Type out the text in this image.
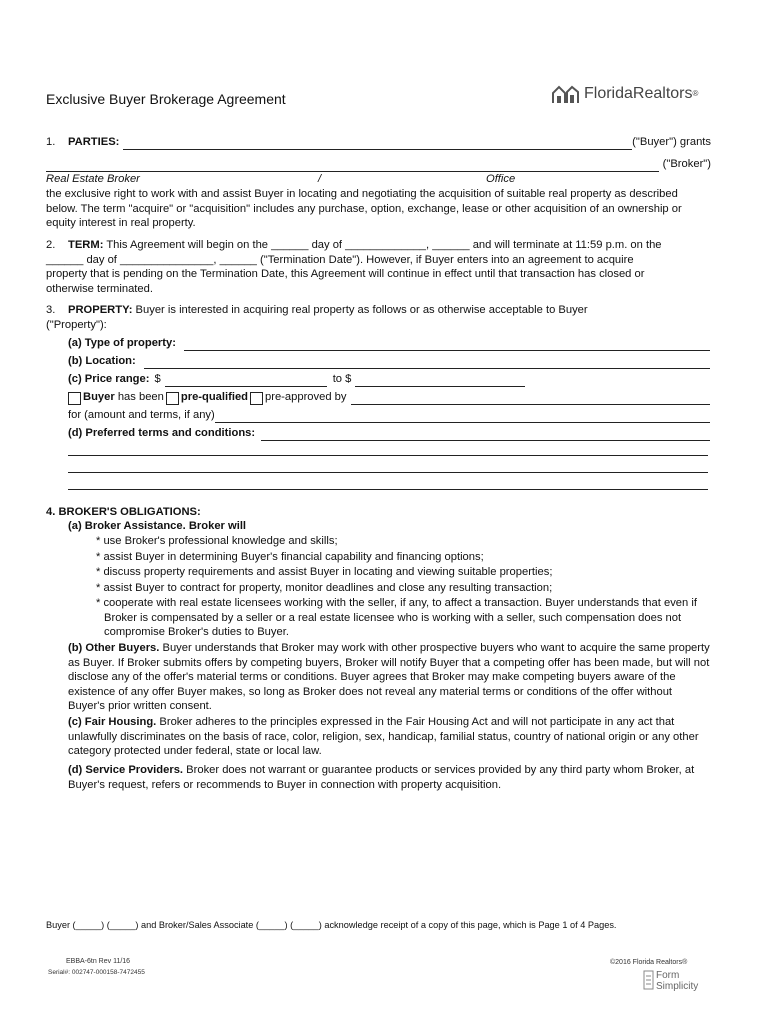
Exclusive Buyer Brokerage Agreement	Florida Realtors ®
1.	PARTIES:	("Buyer") grants
("Broker")
Real Estate Broker	/	Office
the exclusive right to work with and assist Buyer in locating and negotiating the acquisition of suitable real property as described below. The term "acquire" or "acquisition" includes any purchase, option, exchange, lease or other acquisition of an ownership or equity interest in real property.
2. TERM: This Agreement will begin on the ______ day of _____________, ______ and will terminate at 11:59 p.m. on the
______ day of _______________, ______ ("Termination Date"). However, if Buyer enters into an agreement to acquire
property that is pending on the Termination Date, this Agreement will continue in effect until that transaction has closed or
otherwise terminated.
3. PROPERTY: Buyer is interested in acquiring real property as follows or as otherwise acceptable to Buyer
("Property"):
(a) Type of property:
(b) Location:
(c) Price range: $	to $
Buyer
has been pre-qualified pre-approved by
for (amount and terms, if any)
(d) Preferred terms and conditions:
4. BROKER'S OBLIGATIONS:
(a) Broker Assistance. Broker will

* use Broker's professional knowledge and skills;

* assist Buyer in determining Buyer's financial capability and financing options;

* discuss property requirements and assist Buyer in locating and viewing suitable properties;

* assist Buyer to contract for property, monitor deadlines and close any resulting transaction;

* cooperate with real estate licensees working with the seller, if any, to affect a transaction. Buyer understands that even if Broker is compensated by a seller or a real estate licensee who is working with a seller, such compensation does not compromise Broker's duties to Buyer.

(b) Other Buyers. Buyer understands that Broker may work with other prospective buyers who want to acquire the same property as Buyer. If Broker submits offers by competing buyers, Broker will notify Buyer that a competing offer has been made, but will not disclose any of the offer's material terms or conditions. Buyer agrees that Broker may make competing buyers aware of the existence of any offer Buyer makes, so long as Broker does not reveal any material terms or conditions of the offer without Buyer's prior written consent.
(c) Fair Housing. Broker adheres to the principles expressed in the Fair Housing Act and will not participate in any act that unlawfully discriminates on the basis of race, color, religion, sex, handicap, familial status, country of national origin or any other category protected under federal, state or local law.
(d) Service Providers. Broker does not warrant or guarantee products or services provided by any third party whom Broker, at Buyer's request, refers or recommends to Buyer in connection with property acquisition.
Buyer (_____) (_____) and Broker/Sales Associate (_____) (_____) acknowledge receipt of a copy of this page, which is Page 1 of 4 Pages.
EBBA-6tn Rev 11/16
Serial#: 002747-000158-7472455
©2016 Florida Realtors®
Form
Simplicity
